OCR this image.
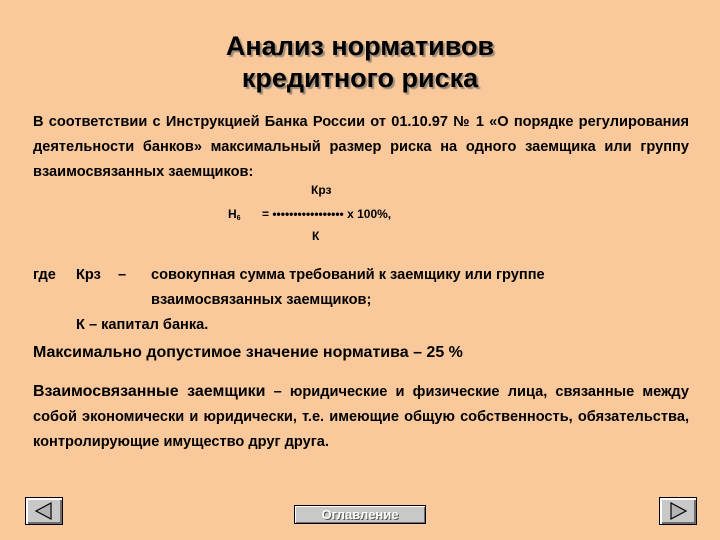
Анализ нормативов
кредитного риска
В соответствии с Инструкцией Банка России от 01.10.97 № 1 «О порядке регулирования деятельности банков» максимальный размер риска на одного заемщика или группу взаимосвязанных заемщиков:
Крз
$Н_6$ = ••••••••••••••••• х 100%,
К
где Крз – совокупная сумма требований к заемщику или группе
взаимосвязанных заемщиков;
К – капитал банка.
Максимально допустимое значение норматива – 25 %
Взаимосвязанные заемщики – юридические и физические лица, связанные между собой экономически и юридически, т.е. имеющие общую собственность, обязательства, контролирующие имущество друг друга.
Оглавление
